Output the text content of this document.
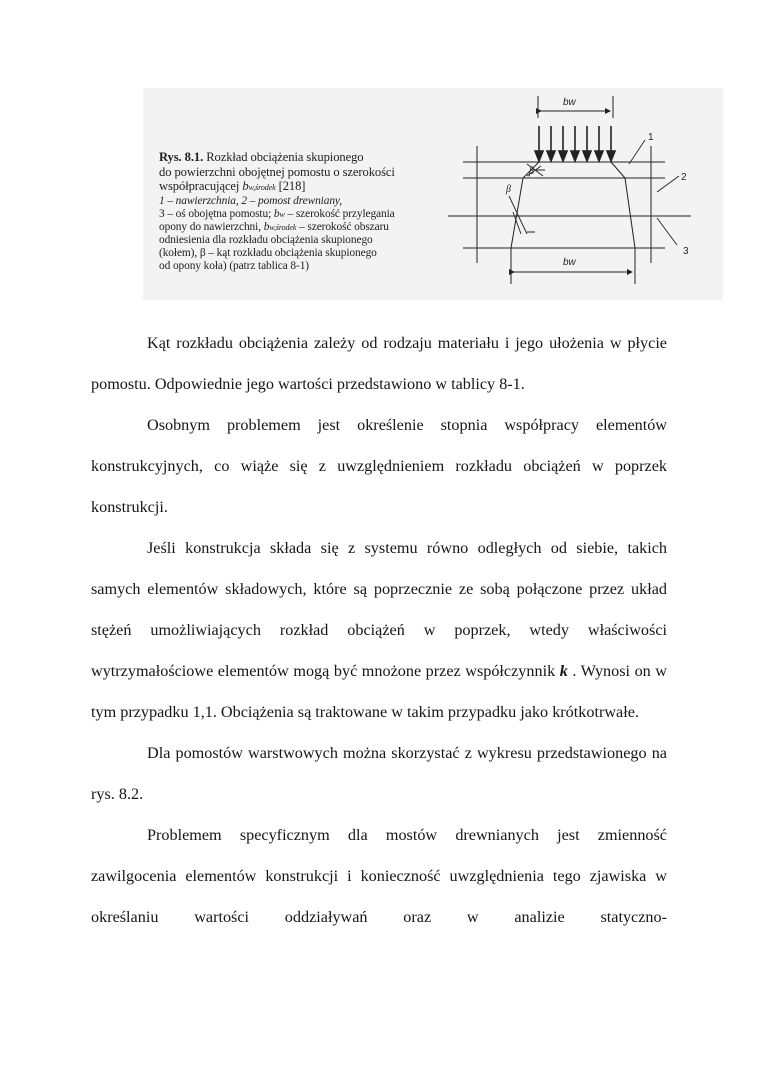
Rys. 8.1. Rozkład obciążenia skupionego
do powierzchni obojętnej pomostu o szerokości
współpracującej bw,środek [218]
1 – nawierzchnia, 2 – pomost drewniany,
3 – oś obojętna pomostu; bw – szerokość przylegania
opony do nawierzchni, bw,środek – szerokość obszaru
odniesienia dla rozkładu obciążenia skupionego
(kołem), β – kąt rozkładu obciążenia skupionego
od opony koła) (patrz tablica 8-1)
bw
bw
β
β
1
2
3

Kąt rozkładu obciążenia zależy od rodzaju materiału i jego ułożenia w płycie pomostu. Odpowiednie jego wartości przedstawiono w tablicy 8-1.

Osobnym problemem jest określenie stopnia współpracy elementów konstrukcyjnych, co wiąże się z uwzględnieniem rozkładu obciążeń w poprzek konstrukcji.

Jeśli konstrukcja składa się z systemu równo odległych od siebie, takich samych elementów składowych, które są poprzecznie ze sobą połączone przez układ stężeń umożliwiających rozkład obciążeń w poprzek, wtedy właściwości wytrzymałościowe elementów mogą być mnożone przez współczynnik k . Wynosi on w tym przypadku 1,1. Obciążenia są traktowane w takim przypadku jako krótkotrwałe.

Dla pomostów warstwowych można skorzystać z wykresu przedstawionego na rys. 8.2.

Problemem specyficznym dla mostów drewnianych jest zmienność zawilgocenia elementów konstrukcji i konieczność uwzględnienia tego zjawiska w określaniu wartości oddziaływań oraz w analizie statyczno-
